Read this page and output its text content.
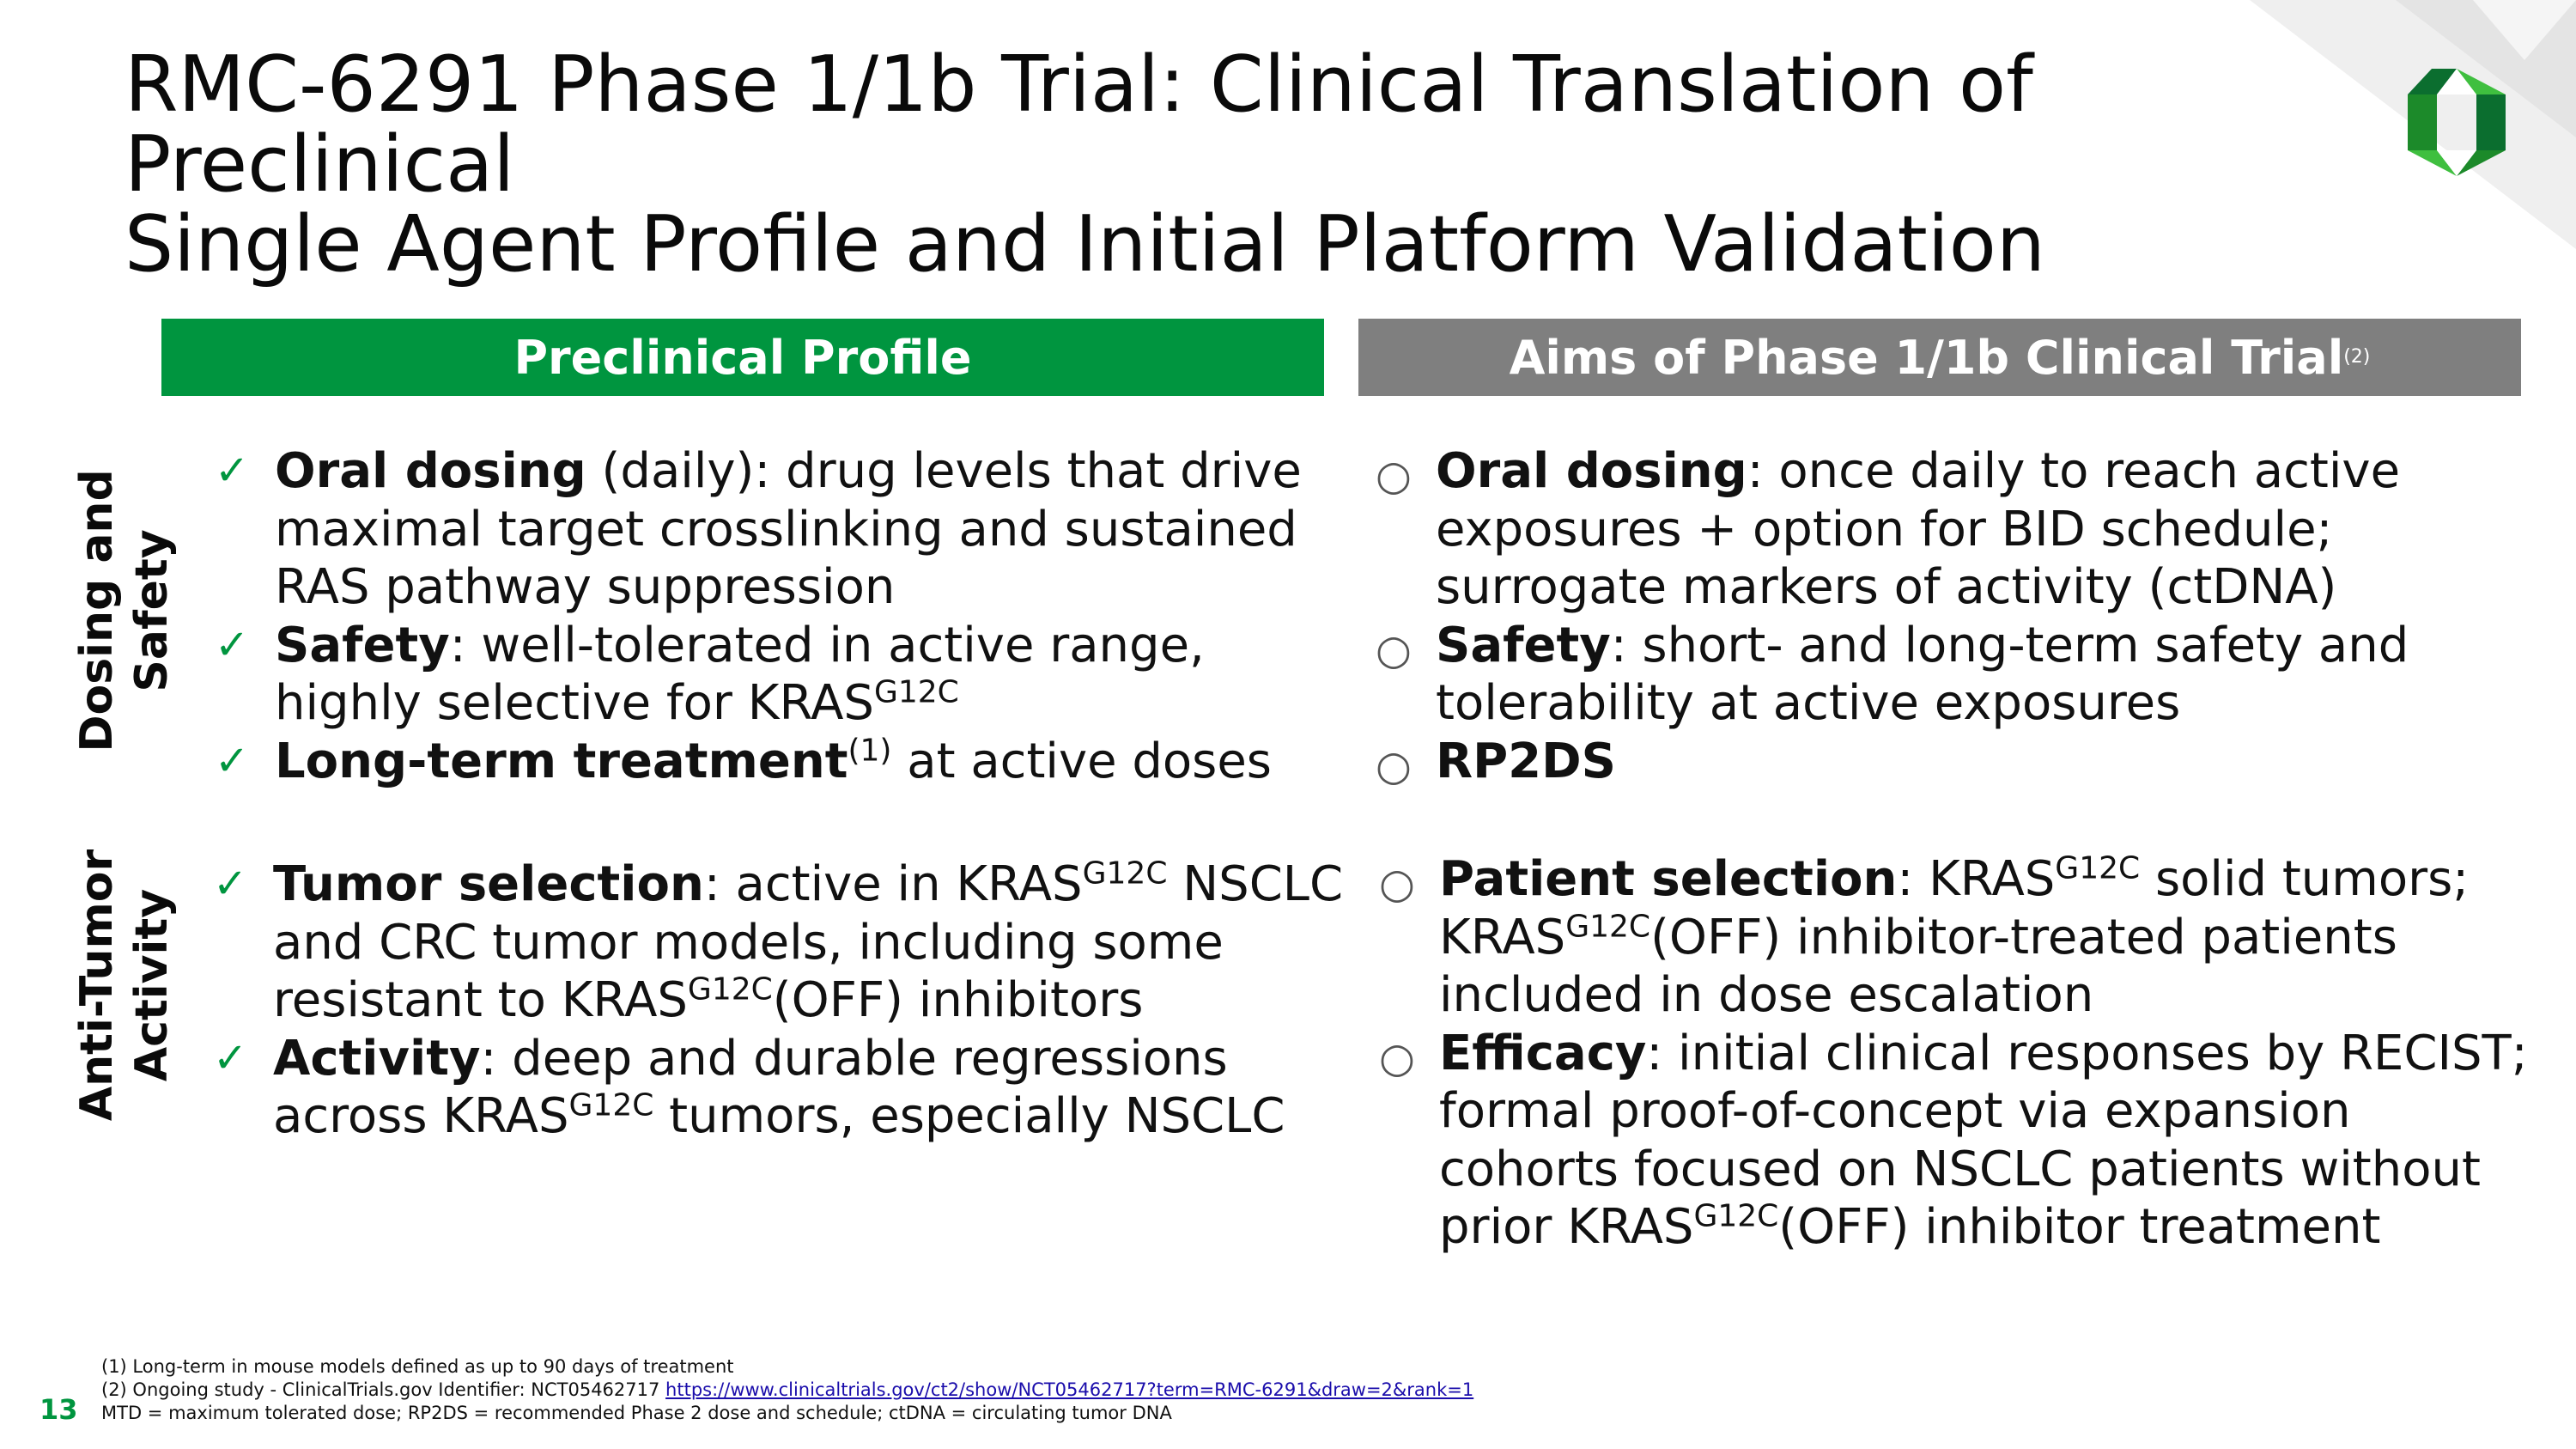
RMC-6291 Phase 1/1b Trial: Clinical Translation of Preclinical
Single Agent Profile and Initial Platform Validation
Preclinical Profile	Aims of Phase 1/1b Clinical Trial (2)
Dosing and Safety
Anti-Tumor Activity
✓ Oral dosing (daily): drug levels that drive maximal target crosslinking and sustained RAS pathway suppression
✓ Safety: well-tolerated in active range, highly selective for $KRAS^{G12C}$
✓ Long-term treatment$^{(1)}$ at active doses
✓ Tumor selection: active in $KRAS^{G12C}$ NSCLC and CRC tumor models, including some resistant to $KRAS^{G12C}(OFF)$ inhibitors
✓ Activity: deep and durable regressions across $KRAS^{G12C}$ tumors, especially NSCLC
○ Oral dosing: once daily to reach active exposures + option for BID schedule; surrogate markers of activity (ctDNA)
○ Safety: short- and long-term safety and tolerability at active exposures
○ RP2DS
○ Patient selection: $KRAS^{G12C}$ solid tumors; $KRAS^{G12C}(OFF)$ inhibitor-treated patients included in dose escalation
○ Efficacy: initial clinical responses by RECIST; formal proof-of-concept via expansion cohorts focused on NSCLC patients without prior $KRAS^{G12C}(OFF)$ inhibitor treatment
(1) Long-term in mouse models defined as up to 90 days of treatment
(2) Ongoing study - ClinicalTrials.gov Identifier: NCT05462717 https://www.clinicaltrials.gov/ct2/show/NCT05462717?term=RMC-6291&draw=2&rank=1
MTD = maximum tolerated dose; RP2DS = recommended Phase 2 dose and schedule; ctDNA = circulating tumor DNA
13
